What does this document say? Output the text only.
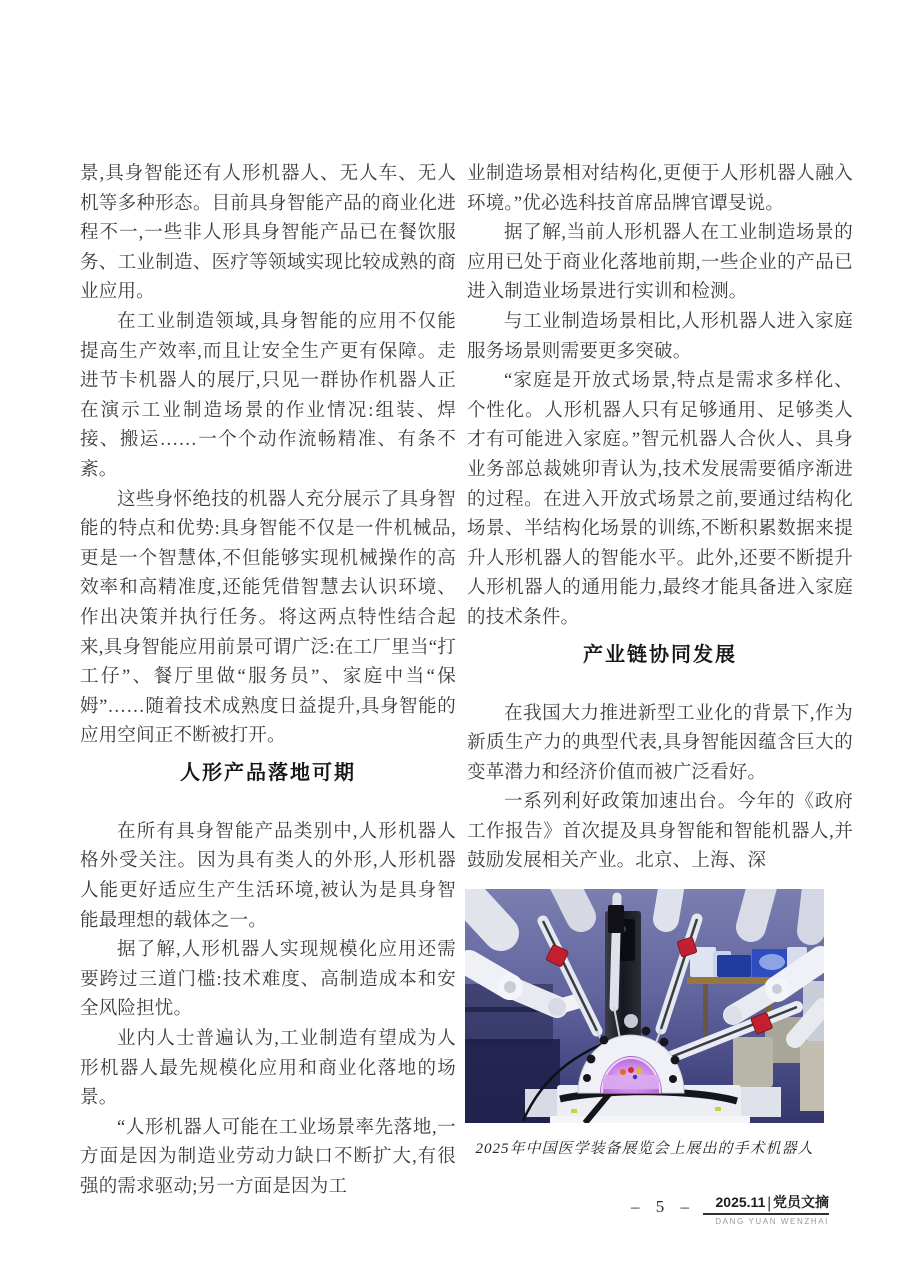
景,具身智能还有人形机器人、无人车、无人机等多种形态。目前具身智能产品的商业化进程不一,一些非人形具身智能产品已在餐饮服务、工业制造、医疗等领域实现比较成熟的商业应用。

在工业制造领域,具身智能的应用不仅能提高生产效率,而且让安全生产更有保障。走进节卡机器人的展厅,只见一群协作机器人正在演示工业制造场景的作业情况:组装、焊接、搬运……一个个动作流畅精准、有条不紊。

这些身怀绝技的机器人充分展示了具身智能的特点和优势:具身智能不仅是一件机械品,更是一个智慧体,不但能够实现机械操作的高效率和高精准度,还能凭借智慧去认识环境、作出决策并执行任务。将这两点特性结合起来,具身智能应用前景可谓广泛:在工厂里当“打工仔”、餐厅里做“服务员”、家庭中当“保姆”……随着技术成熟度日益提升,具身智能的应用空间正不断被打开。

人形产品落地可期

在所有具身智能产品类别中,人形机器人格外受关注。因为具有类人的外形,人形机器人能更好适应生产生活环境,被认为是具身智能最理想的载体之一。

据了解,人形机器人实现规模化应用还需要跨过三道门槛:技术难度、高制造成本和安全风险担忧。

业内人士普遍认为,工业制造有望成为人形机器人最先规模化应用和商业化落地的场景。

“人形机器人可能在工业场景率先落地,一方面是因为制造业劳动力缺口不断扩大,有很强的需求驱动;另一方面是因为工

业制造场景相对结构化,更便于人形机器人融入环境。”优必选科技首席品牌官谭旻说。

据了解,当前人形机器人在工业制造场景的应用已处于商业化落地前期,一些企业的产品已进入制造业场景进行实训和检测。

与工业制造场景相比,人形机器人进入家庭服务场景则需要更多突破。

“家庭是开放式场景,特点是需求多样化、个性化。人形机器人只有足够通用、足够类人才有可能进入家庭。”智元机器人合伙人、具身业务部总裁姚卯青认为,技术发展需要循序渐进的过程。在进入开放式场景之前,要通过结构化场景、半结构化场景的训练,不断积累数据来提升人形机器人的智能水平。此外,还要不断提升人形机器人的通用能力,最终才能具备进入家庭的技术条件。

产业链协同发展

在我国大力推进新型工业化的背景下,作为新质生产力的典型代表,具身智能因蕴含巨大的变革潜力和经济价值而被广泛看好。

一系列利好政策加速出台。今年的《政府工作报告》首次提及具身智能和智能机器人,并鼓励发展相关产业。北京、上海、深

2025年中国医学装备展览会上展出的手术机器人
– 5 –	2025.11 | 党员文摘
DANG YUAN WENZHAI
